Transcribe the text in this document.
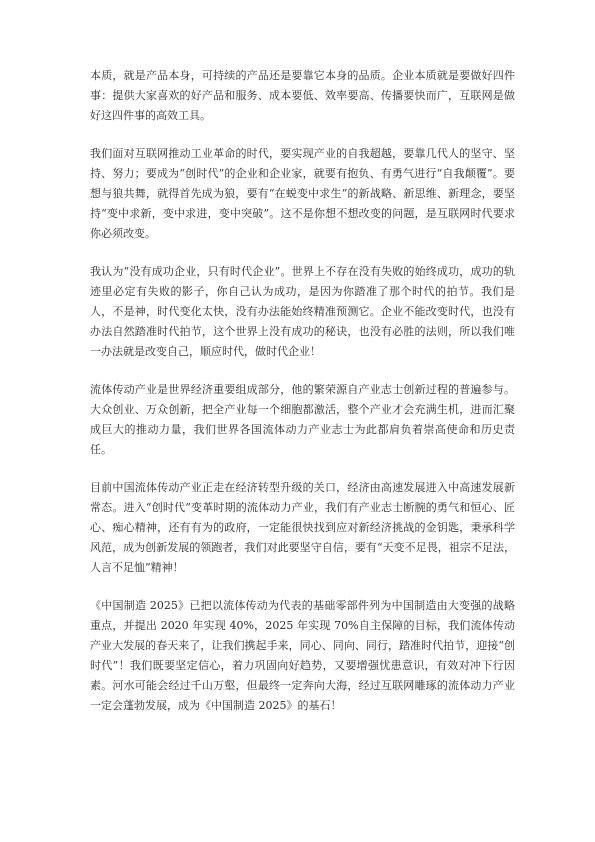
本质，就是产品本身，可持续的产品还是要靠它本身的品质。企业本质就是要做好四件事：提供大家喜欢的好产品和服务、成本要低、效率要高、传播要快而广，互联网是做好这四件事的高效工具。

我们面对互联网推动工业革命的时代，要实现产业的自我超越，要靠几代人的坚守、坚持、努力；要成为“创时代”的企业和企业家，就要有抱负、有勇气进行“自我颠覆”。要想与狼共舞，就得首先成为狼，要有“在蜕变中求生”的新战略、新思维、新理念，要坚持“变中求新，变中求进，变中突破”。这不是你想不想改变的问题，是互联网时代要求你必须改变。

我认为“没有成功企业，只有时代企业”。世界上不存在没有失败的始终成功，成功的轨迹里必定有失败的影子，你自己认为成功，是因为你踏准了那个时代的拍节。我们是人，不是神，时代变化太快，没有办法能始终精准预测它。企业不能改变时代，也没有办法自然踏准时代拍节，这个世界上没有成功的秘诀，也没有必胜的法则，所以我们唯一办法就是改变自己，顺应时代，做时代企业！

流体传动产业是世界经济重要组成部分，他的繁荣源自产业志士创新过程的普遍参与。大众创业、万众创新，把全产业每一个细胞都激活，整个产业才会充满生机，进而汇聚成巨大的推动力量，我们世界各国流体动力产业志士为此都肩负着崇高使命和历史责任。

目前中国流体传动产业正走在经济转型升级的关口，经济由高速发展进入中高速发展新常态。进入“创时代”变革时期的流体动力产业，我们有产业志士断腕的勇气和恒心、匠心、痴心精神，还有有为的政府，一定能很快找到应对新经济挑战的金钥匙，秉承科学风范，成为创新发展的领跑者，我们对此要坚守自信，要有“天变不足畏，祖宗不足法，人言不足恤”精神！

《中国制造 2025》已把以流体传动为代表的基础零部件列为中国制造由大变强的战略重点，并提出 2020 年实现 40%，2025 年实现 70%自主保障的目标，我们流体传动产业大发展的春天来了，让我们携起手来，同心、同向、同行，踏准时代拍节，迎接“创时代”！我们既要坚定信心，着力巩固向好趋势，又要增强忧患意识，有效对冲下行因素。河水可能会经过千山万壑，但最终一定奔向大海，经过互联网雕琢的流体动力产业一定会蓬勃发展，成为《中国制造 2025》的基石！
